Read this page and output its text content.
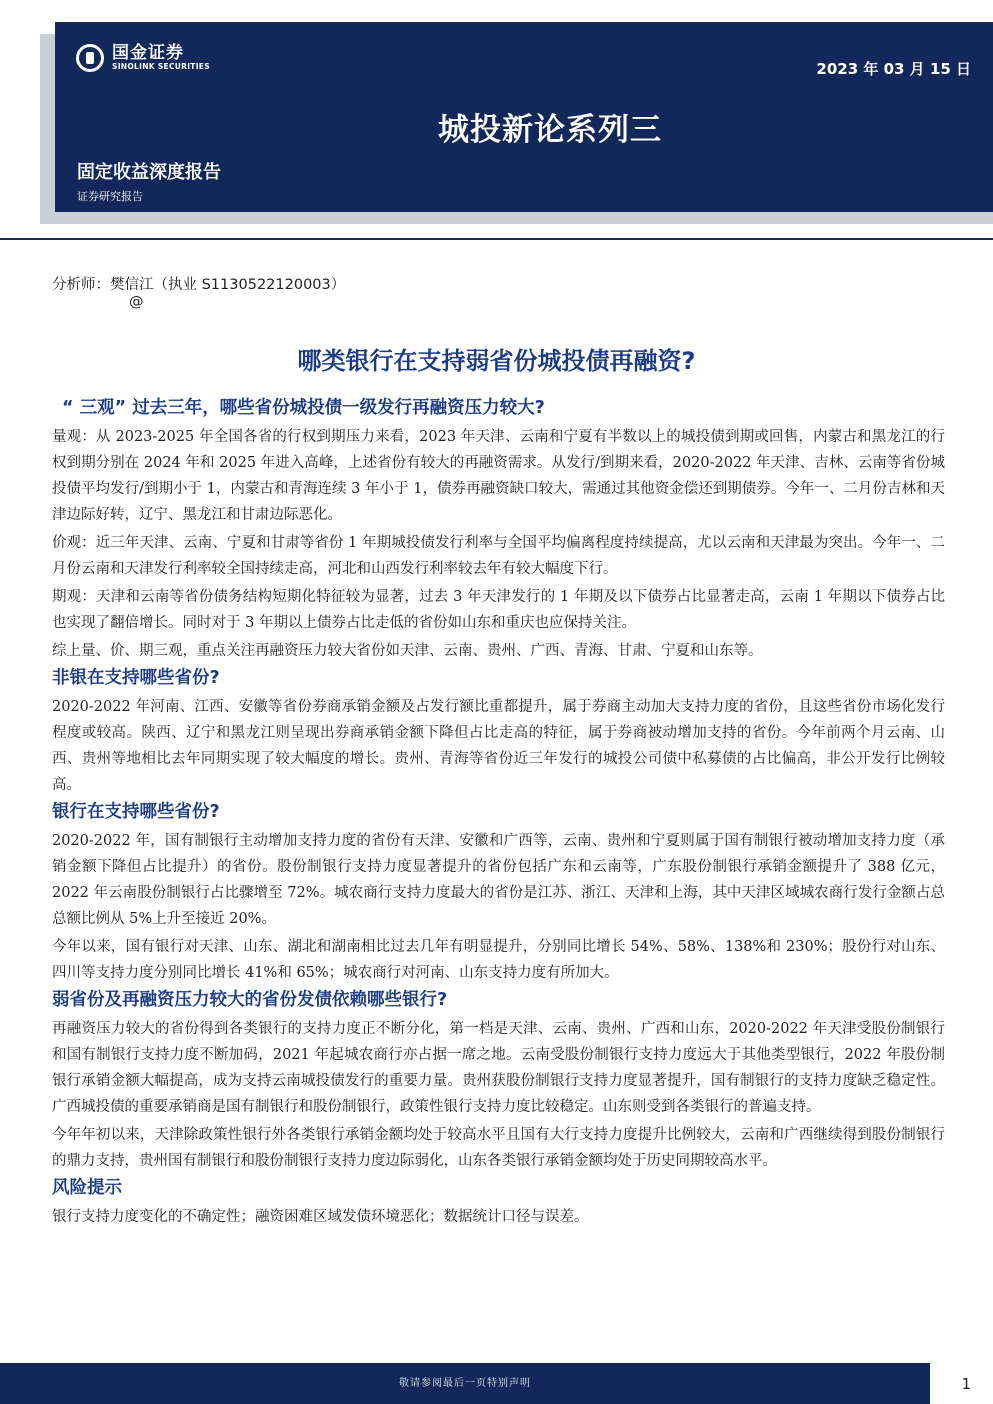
国金证券
SINOLINK SECURITIES	2023 年 03 月 15 日
城投新论系列三
固定收益深度报告
证券研究报告
分析师：樊信江（执业 S1130522120003）
@
哪类银行在支持弱省份城投债再融资?
“ 三观” 过去三年，哪些省份城投债一级发行再融资压力较大?

量观：从 2023-2025 年全国各省的行权到期压力来看，2023 年天津、云南和宁夏有半数以上的城投债到期或回售，内蒙古和黑龙江的行权到期分别在 2024 年和 2025 年进入高峰，上述省份有较大的再融资需求。从发行/到期来看，2020-2022 年天津、吉林、云南等省份城投债平均发行/到期小于 1，内蒙古和青海连续 3 年小于 1，债券再融资缺口较大，需通过其他资金偿还到期债券。今年一、二月份吉林和天津边际好转，辽宁、黑龙江和甘肃边际恶化。

价观：近三年天津、云南、宁夏和甘肃等省份 1 年期城投债发行利率与全国平均偏离程度持续提高，尤以云南和天津最为突出。今年一、二月份云南和天津发行利率较全国持续走高，河北和山西发行利率较去年有较大幅度下行。

期观：天津和云南等省份债务结构短期化特征较为显著，过去 3 年天津发行的 1 年期及以下债券占比显著走高，云南 1 年期以下债券占比也实现了翻倍增长。同时对于 3 年期以上债券占比走低的省份如山东和重庆也应保持关注。

综上量、价、期三观，重点关注再融资压力较大省份如天津、云南、贵州、广西、青海、甘肃、宁夏和山东等。

非银在支持哪些省份?

2020-2022 年河南、江西、安徽等省份券商承销金额及占发行额比重都提升，属于券商主动加大支持力度的省份，且这些省份市场化发行程度或较高。陕西、辽宁和黑龙江则呈现出券商承销金额下降但占比走高的特征，属于券商被动增加支持的省份。今年前两个月云南、山西、贵州等地相比去年同期实现了较大幅度的增长。贵州、青海等省份近三年发行的城投公司债中私募债的占比偏高，非公开发行比例较高。

银行在支持哪些省份?

2020-2022 年，国有制银行主动增加支持力度的省份有天津、安徽和广西等，云南、贵州和宁夏则属于国有制银行被动增加支持力度（承销金额下降但占比提升）的省份。股份制银行支持力度显著提升的省份包括广东和云南等，广东股份制银行承销金额提升了 388 亿元，2022 年云南股份制银行占比骤增至 72%。城农商行支持力度最大的省份是江苏、浙江、天津和上海，其中天津区域城农商行发行金额占总总额比例从 5%上升至接近 20%。

今年以来，国有银行对天津、山东、湖北和湖南相比过去几年有明显提升，分别同比增长 54%、58%、138%和 230%；股份行对山东、四川等支持力度分别同比增长 41%和 65%；城农商行对河南、山东支持力度有所加大。

弱省份及再融资压力较大的省份发债依赖哪些银行?

再融资压力较大的省份得到各类银行的支持力度正不断分化，第一档是天津、云南、贵州、广西和山东，2020-2022 年天津受股份制银行和国有制银行支持力度不断加码，2021 年起城农商行亦占据一席之地。云南受股份制银行支持力度远大于其他类型银行，2022 年股份制银行承销金额大幅提高，成为支持云南城投债发行的重要力量。贵州获股份制银行支持力度显著提升，国有制银行的支持力度缺乏稳定性。广西城投债的重要承销商是国有制银行和股份制银行，政策性银行支持力度比较稳定。山东则受到各类银行的普遍支持。

今年年初以来，天津除政策性银行外各类银行承销金额均处于较高水平且国有大行支持力度提升比例较大，云南和广西继续得到股份制银行的鼎力支持，贵州国有制银行和股份制银行支持力度边际弱化，山东各类银行承销金额均处于历史同期较高水平。

风险提示

银行支持力度变化的不确定性；融资困难区域发债环境恶化；数据统计口径与误差。

敬请参阅最后一页特别声明	1
